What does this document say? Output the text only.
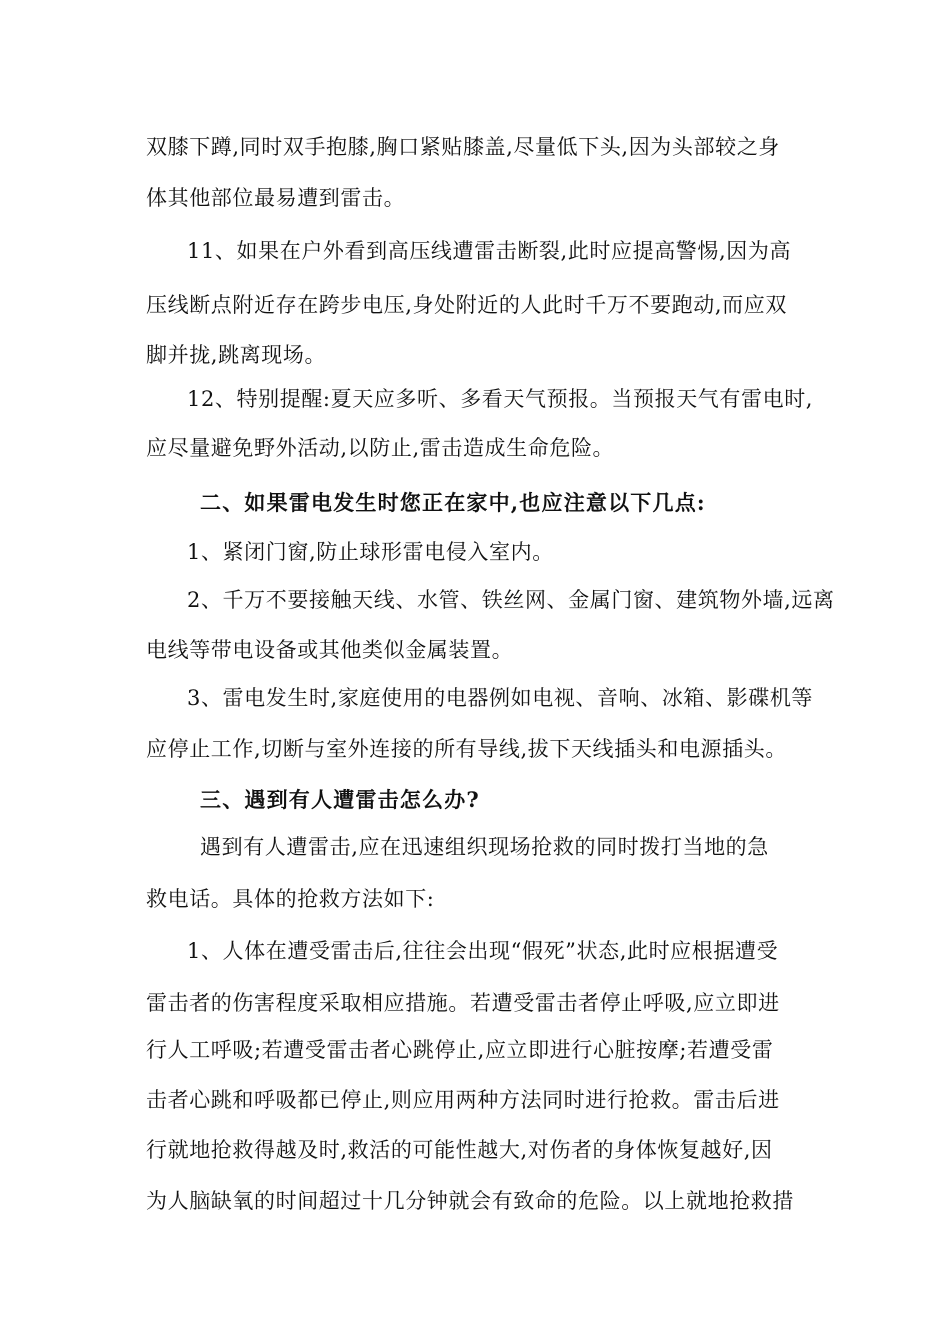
双膝下蹲,同时双手抱膝,胸口紧贴膝盖,尽量低下头,因为头部较之身
体其他部位最易遭到雷击。
11、如果在户外看到高压线遭雷击断裂,此时应提高警惕,因为高
压线断点附近存在跨步电压,身处附近的人此时千万不要跑动,而应双
脚并拢,跳离现场。
12、特别提醒:夏天应多听、多看天气预报。当预报天气有雷电时,
应尽量避免野外活动,以防止,雷击造成生命危险。
二、如果雷电发生时您正在家中,也应注意以下几点:
1、紧闭门窗,防止球形雷电侵入室内。
2、千万不要接触天线、水管、铁丝网、金属门窗、建筑物外墙,远离
电线等带电设备或其他类似金属装置。
3、雷电发生时,家庭使用的电器例如电视、音响、冰箱、影碟机等
应停止工作,切断与室外连接的所有导线,拔下天线插头和电源插头。
三、遇到有人遭雷击怎么办?
遇到有人遭雷击,应在迅速组织现场抢救的同时拨打当地的急
救电话。具体的抢救方法如下:
1、人体在遭受雷击后,往往会出现“假死”状态,此时应根据遭受
雷击者的伤害程度采取相应措施。若遭受雷击者停止呼吸,应立即进
行人工呼吸;若遭受雷击者心跳停止,应立即进行心脏按摩;若遭受雷
击者心跳和呼吸都已停止,则应用两种方法同时进行抢救。雷击后进
行就地抢救得越及时,救活的可能性越大,对伤者的身体恢复越好,因
为人脑缺氧的时间超过十几分钟就会有致命的危险。以上就地抢救措
